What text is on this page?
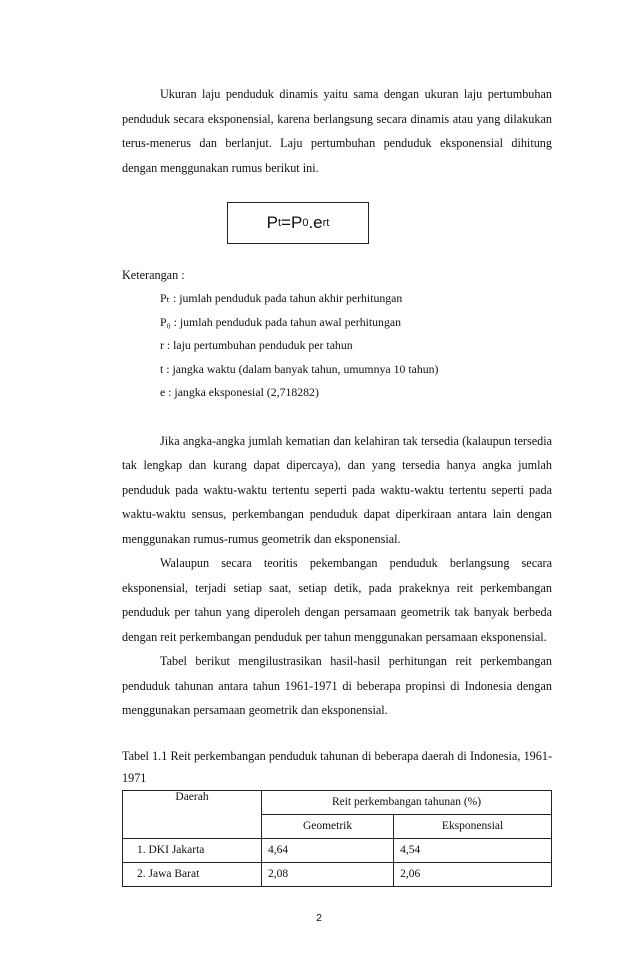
Ukuran laju penduduk dinamis yaitu sama dengan ukuran laju pertumbuhan penduduk secara eksponensial, karena berlangsung secara dinamis atau yang dilakukan terus-menerus dan berlanjut. Laju pertumbuhan penduduk eksponensial dihitung dengan menggunakan rumus berikut ini.

P t =P 0 .e rt
Keterangan :
Pₜ : jumlah penduduk pada tahun akhir perhitungan
P₀ : jumlah penduduk pada tahun awal perhitungan
r : laju pertumbuhan penduduk per tahun
t : jangka waktu (dalam banyak tahun, umumnya 10 tahun)
e : jangka eksponesial (2,718282)

Jika angka-angka jumlah kematian dan kelahiran tak tersedia (kalaupun tersedia tak lengkap dan kurang dapat dipercaya), dan yang tersedia hanya angka jumlah penduduk pada waktu-waktu tertentu seperti pada waktu-waktu tertentu seperti pada waktu-waktu sensus, perkembangan penduduk dapat diperkiraan antara lain dengan menggunakan rumus-rumus geometrik dan eksponensial.

Walaupun secara teoritis pekembangan penduduk berlangsung secara eksponensial, terjadi setiap saat, setiap detik, pada prakeknya reit perkembangan penduduk per tahun yang diperoleh dengan persamaan geometrik tak banyak berbeda dengan reit perkembangan penduduk per tahun menggunakan persamaan eksponensial.

Tabel berikut mengilustrasikan hasil-hasil perhitungan reit perkembangan penduduk tahunan antara tahun 1961-1971 di beberapa propinsi di Indonesia dengan menggunakan persamaan geometrik dan eksponensial.

Tabel 1.1 Reit perkembangan penduduk tahunan di beberapa daerah di Indonesia, 1961-1971

Daerah	Reit perkembangan tahunan (%)	
	Geometrik	Eksponensial
1. DKI Jakarta	4,64	4,54
2. Jawa Barat	2,08	2,06
2
